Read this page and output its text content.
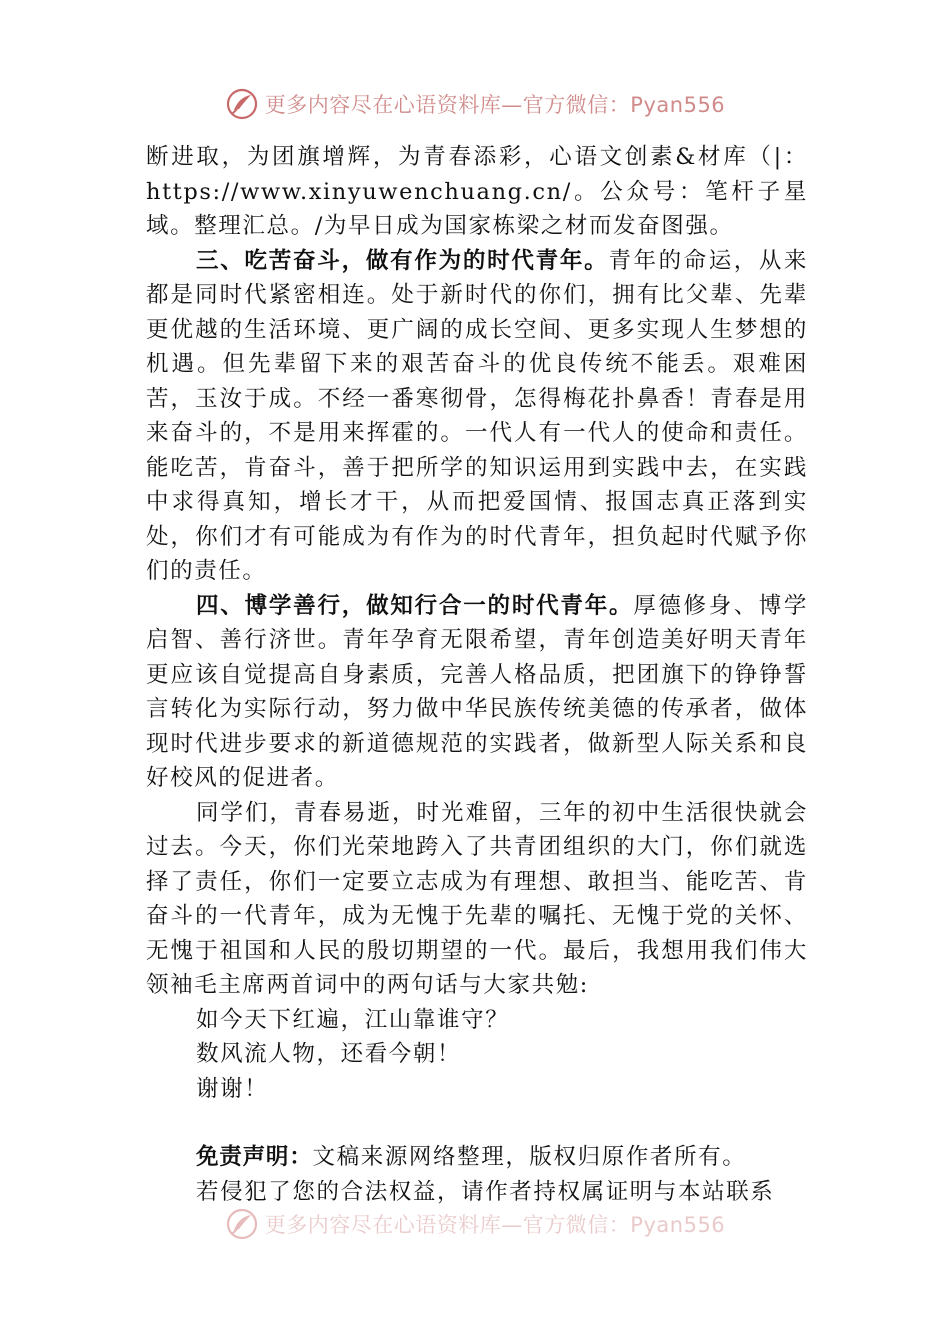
更多内容尽在心语资料库—官方微信：Pyan556

断进取，为团旗增辉，为青春添彩，心语文创素&材库（|：https://www.xinyuwenchuang.cn/。公众号：笔杆子星域。整理汇总。/为早日成为国家栋梁之材而发奋图强。

三、吃苦奋斗，做有作为的时代青年。青年的命运，从来都是同时代紧密相连。处于新时代的你们，拥有比父辈、先辈更优越的生活环境、更广阔的成长空间、更多实现人生梦想的机遇。但先辈留下来的艰苦奋斗的优良传统不能丢。艰难困苦，玉汝于成。不经一番寒彻骨，怎得梅花扑鼻香！青春是用来奋斗的，不是用来挥霍的。一代人有一代人的使命和责任。能吃苦，肯奋斗，善于把所学的知识运用到实践中去，在实践中求得真知，增长才干，从而把爱国情、报国志真正落到实处，你们才有可能成为有作为的时代青年，担负起时代赋予你们的责任。

四、博学善行，做知行合一的时代青年。厚德修身、博学启智、善行济世。青年孕育无限希望，青年创造美好明天青年更应该自觉提高自身素质，完善人格品质，把团旗下的铮铮誓言转化为实际行动，努力做中华民族传统美德的传承者，做体现时代进步要求的新道德规范的实践者，做新型人际关系和良好校风的促进者。

同学们，青春易逝，时光难留，三年的初中生活很快就会过去。今天，你们光荣地跨入了共青团组织的大门，你们就选择了责任，你们一定要立志成为有理想、敢担当、能吃苦、肯奋斗的一代青年，成为无愧于先辈的嘱托、无愧于党的关怀、无愧于祖国和人民的殷切期望的一代。最后，我想用我们伟大领袖毛主席两首词中的两句话与大家共勉:

如今天下红遍，江山靠谁守？

数风流人物，还看今朝！

谢谢！

免责声明：文稿来源网络整理，版权归原作者所有。

若侵犯了您的合法权益，请作者持权属证明与本站联系

更多内容尽在心语资料库—官方微信：Pyan556
